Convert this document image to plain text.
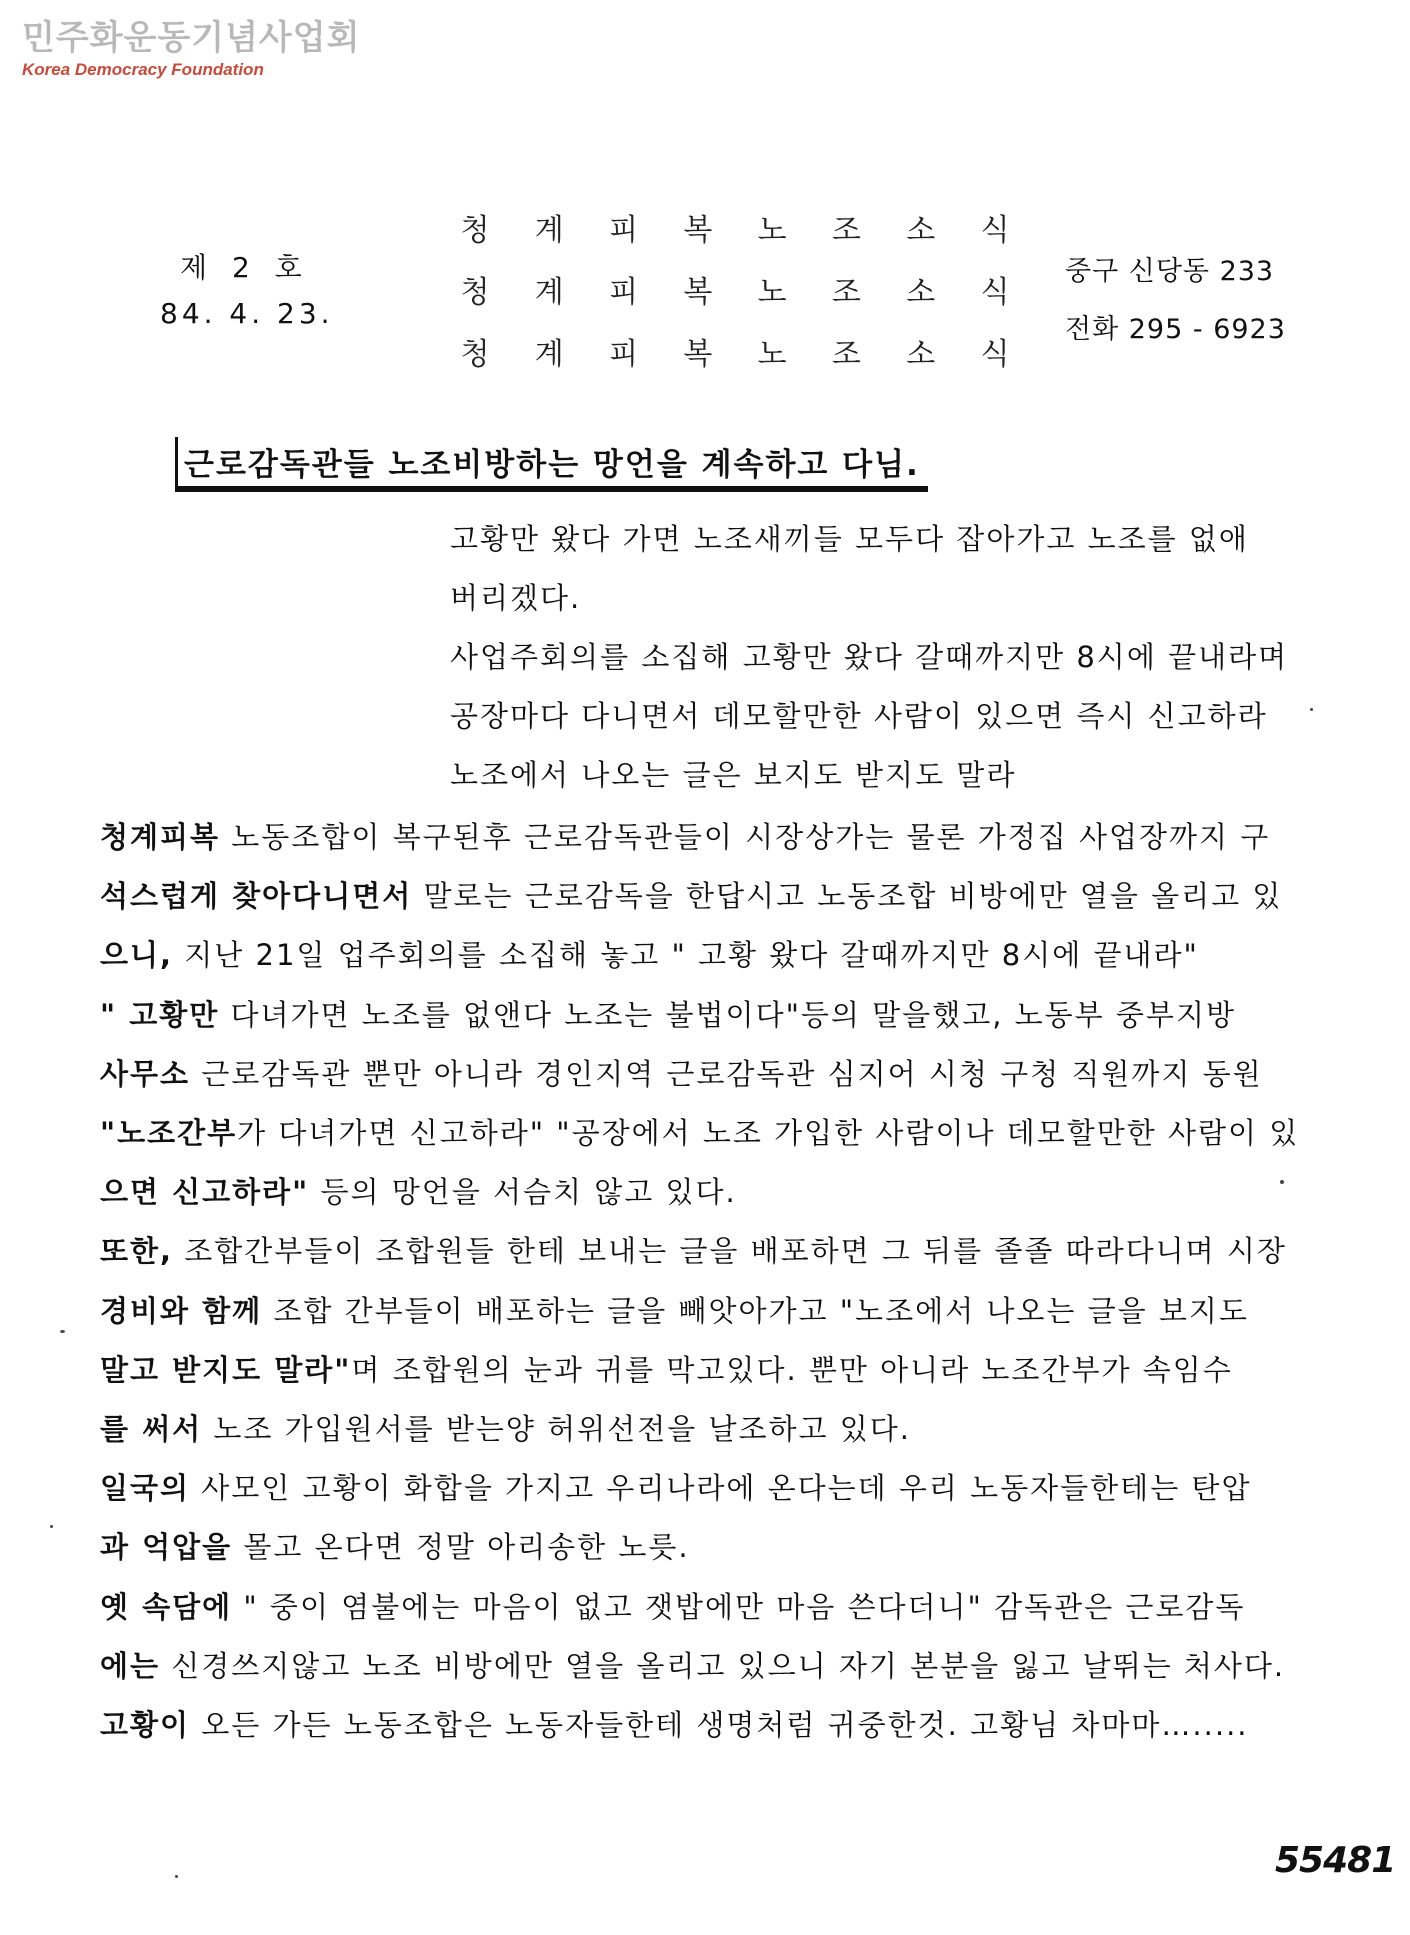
민주화운동기념사업회
Korea Democracy Foundation
제 2 호
84. 4. 23.
청	계	피	복	노	조	소	식
청	계	피	복	노	조	소	식
청	계	피	복	노	조	소	식
중구 신당동 233
전화 295 - 6923
근로감독관들 노조비방하는 망언을 계속하고 다님.

고황만 왔다 가면 노조새끼들 모두다 잡아가고 노조를 없애

버리겠다.

사업주회의를 소집해 고황만 왔다 갈때까지만 8시에 끝내라며

공장마다 다니면서 데모할만한 사람이 있으면 즉시 신고하라

노조에서 나오는 글은 보지도 받지도 말라

청계피복 노동조합이 복구된후 근로감독관들이 시장상가는 물론 가정집 사업장까지 구

석스럽게 찾아다니면서 말로는 근로감독을 한답시고 노동조합 비방에만 열을 올리고 있

으니, 지난 21일 업주회의를 소집해 놓고 " 고황 왔다 갈때까지만 8시에 끝내라"

" 고황만 다녀가면 노조를 없앤다 노조는 불법이다"등의 말을했고, 노동부 중부지방

사무소 근로감독관 뿐만 아니라 경인지역 근로감독관 심지어 시청 구청 직원까지 동원

"노조간부가 다녀가면 신고하라" "공장에서 노조 가입한 사람이나 데모할만한 사람이 있

으면 신고하라" 등의 망언을 서슴치 않고 있다.

또한, 조합간부들이 조합원들 한테 보내는 글을 배포하면 그 뒤를 졸졸 따라다니며 시장

경비와 함께 조합 간부들이 배포하는 글을 빼앗아가고 "노조에서 나오는 글을 보지도

말고 받지도 말라"며 조합원의 눈과 귀를 막고있다. 뿐만 아니라 노조간부가 속임수

를 써서 노조 가입원서를 받는양 허위선전을 날조하고 있다.

일국의 사모인 고황이 화합을 가지고 우리나라에 온다는데 우리 노동자들한테는 탄압

과 억압을 몰고 온다면 정말 아리송한 노릇.

옛 속담에 " 중이 염불에는 마음이 없고 잿밥에만 마음 쓴다더니" 감독관은 근로감독

에는 신경쓰지않고 노조 비방에만 열을 올리고 있으니 자기 본분을 잃고 날뛰는 처사다.

고황이 오든 가든 노동조합은 노동자들한테 생명처럼 귀중한것. 고황님 차마마….....

55481
